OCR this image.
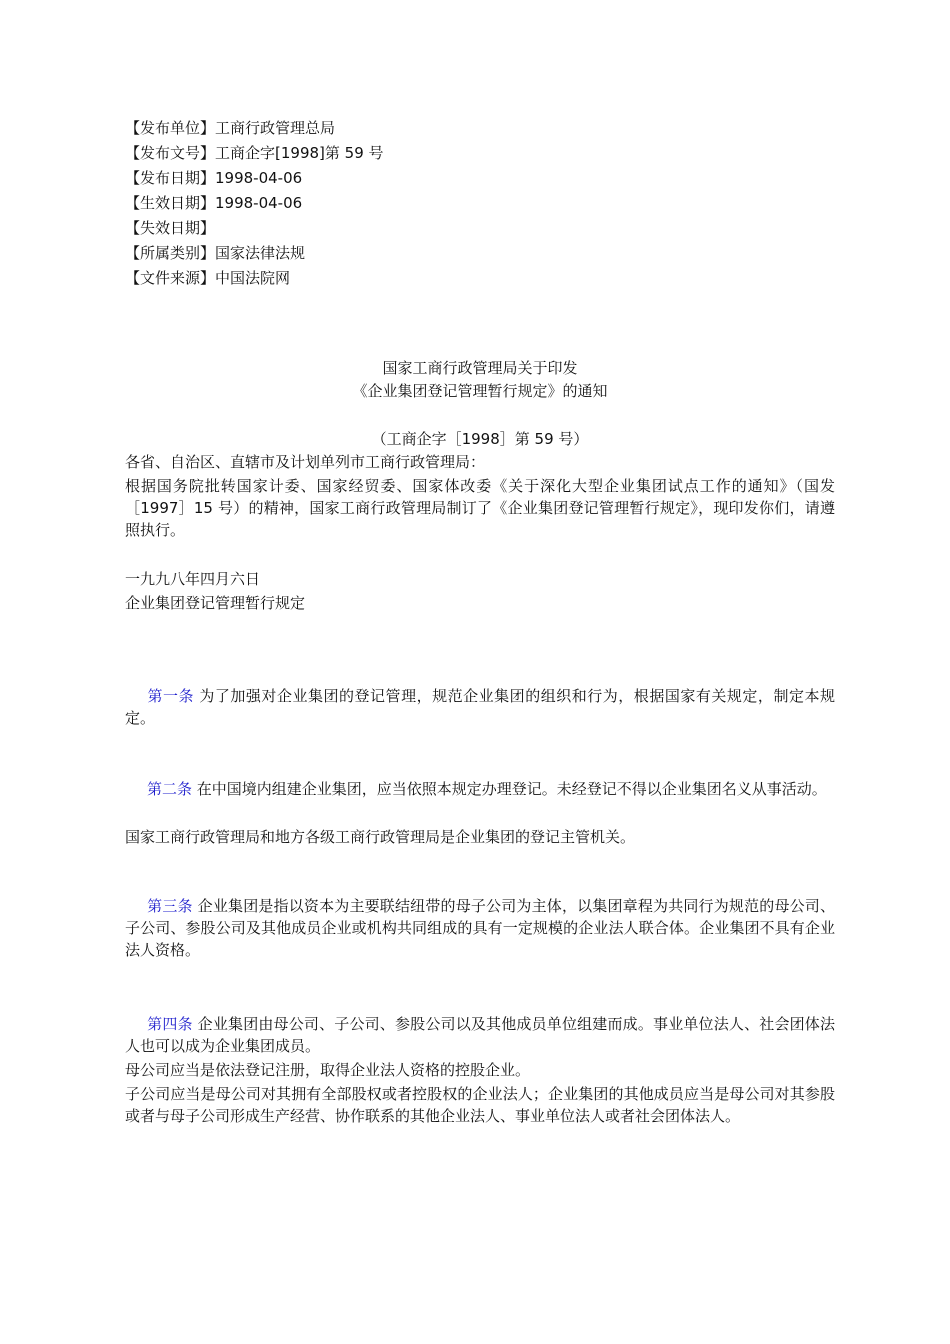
【发布单位】工商行政管理总局
【发布文号】工商企字[1998]第 59 号
【发布日期】1998-04-06
【生效日期】1998-04-06
【失效日期】
【所属类别】国家法律法规
【文件来源】中国法院网
国家工商行政管理局关于印发
《企业集团登记管理暂行规定》的通知
（工商企字［1998］第 59 号）
各省、自治区、直辖市及计划单列市工商行政管理局：
根据国务院批转国家计委、国家经贸委、国家体改委《关于深化大型企业集团试点工作的通知》（国发［1997］15 号）的精神，国家工商行政管理局制订了《企业集团登记管理暂行规定》，现印发你们，请遵照执行。
一九九八年四月六日
企业集团登记管理暂行规定
第一条 为了加强对企业集团的登记管理，规范企业集团的组织和行为，根据国家有关规定，制定本规定。
第二条 在中国境内组建企业集团，应当依照本规定办理登记。未经登记不得以企业集团名义从事活动。
国家工商行政管理局和地方各级工商行政管理局是企业集团的登记主管机关。
第三条 企业集团是指以资本为主要联结纽带的母子公司为主体，以集团章程为共同行为规范的母公司、子公司、参股公司及其他成员企业或机构共同组成的具有一定规模的企业法人联合体。企业集团不具有企业法人资格。
第四条 企业集团由母公司、子公司、参股公司以及其他成员单位组建而成。事业单位法人、社会团体法人也可以成为企业集团成员。
母公司应当是依法登记注册，取得企业法人资格的控股企业。
子公司应当是母公司对其拥有全部股权或者控股权的企业法人；企业集团的其他成员应当是母公司对其参股或者与母子公司形成生产经营、协作联系的其他企业法人、事业单位法人或者社会团体法人。
